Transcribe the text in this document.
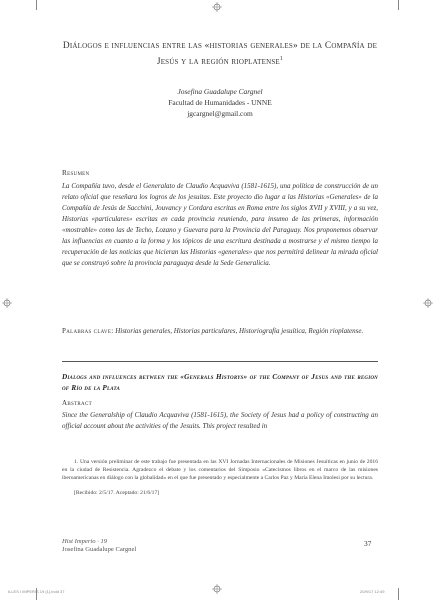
Diálogos e influencias entre las «historias generales» de la Compañía de Jesús y la región rioplatense$^1$
Josefina Guadalupe Cargnel
Facultad de Humanidades - UNNE
jgcargnel@gmail.com
Resumen
La Compañía tuvo, desde el Generalato de Claudio Acquaviva (1581-1615), una política de construcción de un relato oficial que reseñara los logros de los jesuitas. Este proyecto dio lugar a las Historias «Generales» de la Compañía de Jesús de Sacchini, Jouvancy y Cordara escritas en Roma entre los siglos XVII y XVIII, y a su vez, Historias «particulares» escritas en cada provincia reuniendo, para insumo de las primeras, información «mostrable» como las de Techo, Lozano y Guevara para la Provincia del Paraguay. Nos proponemos observar las influencias en cuanto a la forma y los tópicos de una escritura destinada a mostrarse y el mismo tiempo la recuperación de las noticias que hicieran las Historias «generales» que nos permitirá delinear la mirada oficial que se construyó sobre la provincia paraguaya desde la Sede Generalicia.
Palabras clave: Historias generales, Historias particulares, Historiografía jesuítica, Región rioplatense.
Dialogs and influences between the «Generals Historys» of the Company of Jesus and the region of Río de la Plata
Abstract
Since the Generalship of Claudio Acquaviva (1581-1615), the Society of Jesus had a policy of constructing an official account about the activities of the Jesuits. This project resulted in
1. Una versión preliminar de este trabajo fue presentada en las XVI Jornadas Internacionales de Misiones Jesuíticas en junio de 2016 en la ciudad de Resistencia. Agradezco el debate y los comentarios del Simposio «Catecismos libros en el marco de las misiones iberoamericanas en diálogo con la globalidad» en el que fue presentado y especialmente a Carlos Paz y María Elena Imolesi por su lectura.
[Recibido: 2/5/17. Aceptado: 21/6/17]
Hist Imperio · 19
Josefina Guadalupe Cargnel
37
ILLES I IMPERIS 19 (1).indd 37	20/9/17 12:49
